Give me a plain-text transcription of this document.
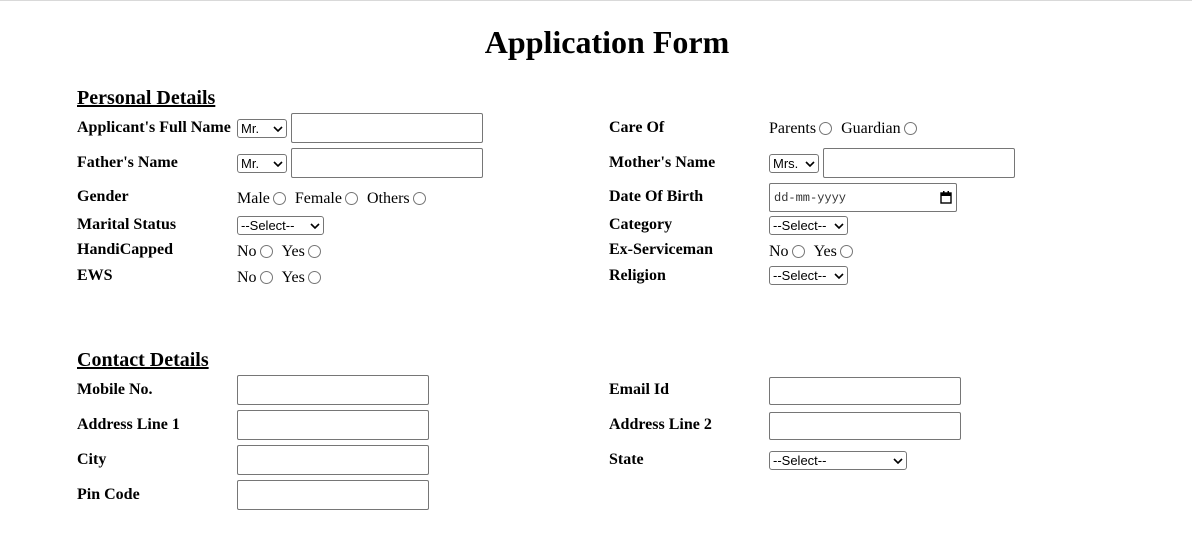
Application Form
Personal Details
Applicant's Full Name Mr.	Care Of	Parents Guardian
Father's Name	Mr.	Mother's Name	Mrs.
Gender	Male Female Others	Date Of Birth	dd-mm-yyyy
Marital Status	--Select--	Category	--Select--
HandiCapped	No Yes	Ex-Serviceman	No Yes
EWS	No Yes	Religion	--Select--
Contact Details
Mobile No.	Email Id
Address Line 1	Address Line 2
City	State	--Select--
Pin Code
